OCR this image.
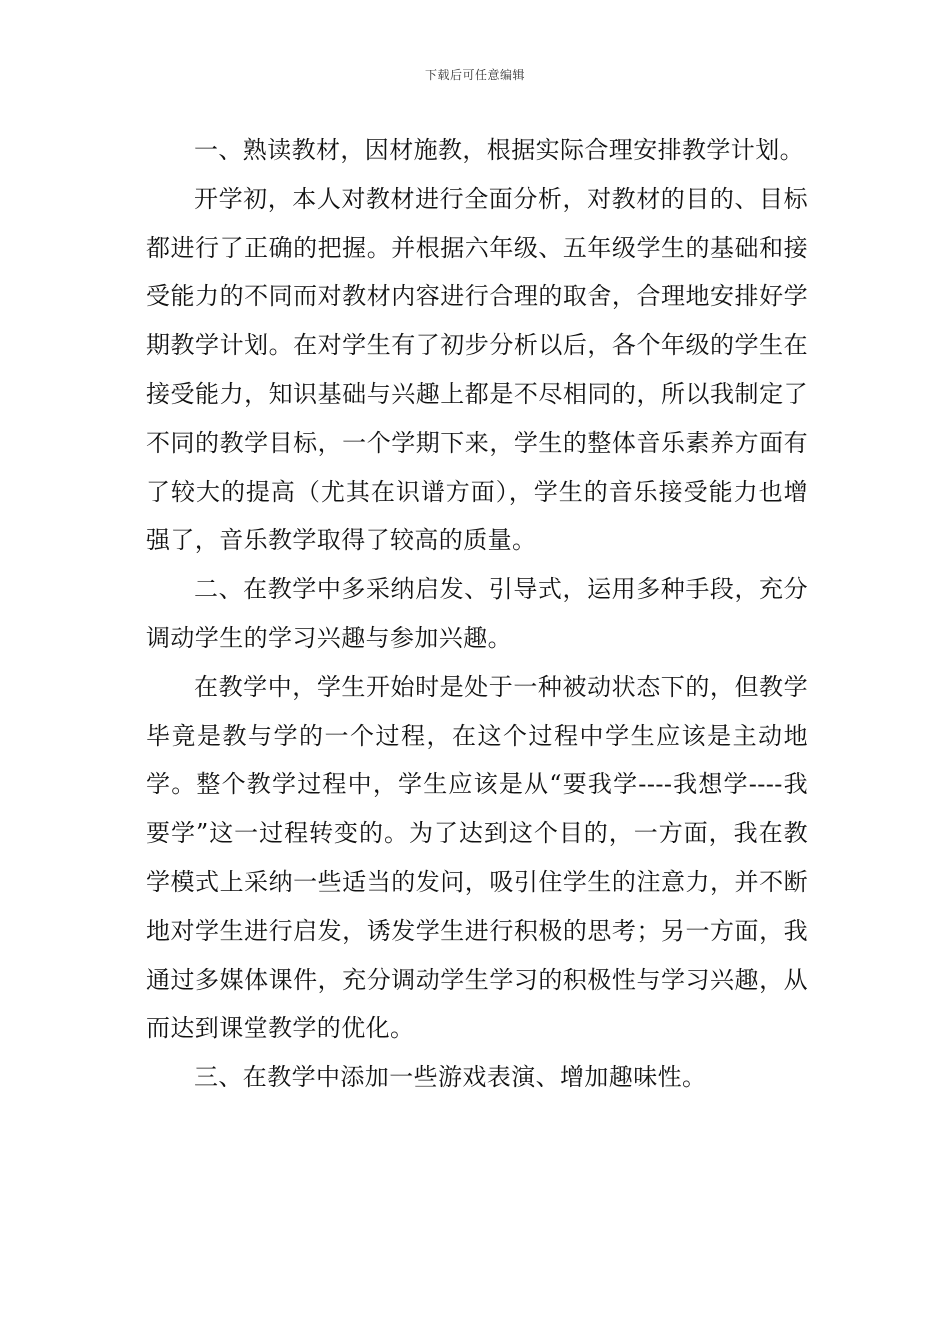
下载后可任意编辑

一、熟读教材，因材施教，根据实际合理安排教学计划。

开学初，本人对教材进行全面分析，对教材的目的、目标都进行了正确的把握。并根据六年级、五年级学生的基础和接受能力的不同而对教材内容进行合理的取舍，合理地安排好学期教学计划。在对学生有了初步分析以后，各个年级的学生在接受能力，知识基础与兴趣上都是不尽相同的，所以我制定了不同的教学目标，一个学期下来，学生的整体音乐素养方面有了较大的提高（尤其在识谱方面），学生的音乐接受能力也增强了，音乐教学取得了较高的质量。

二、在教学中多采纳启发、引导式，运用多种手段，充分调动学生的学习兴趣与参加兴趣。

在教学中，学生开始时是处于一种被动状态下的，但教学毕竟是教与学的一个过程，在这个过程中学生应该是主动地学。整个教学过程中，学生应该是从“要我学----我想学----我要学”这一过程转变的。为了达到这个目的，一方面，我在教学模式上采纳一些适当的发问，吸引住学生的注意力，并不断地对学生进行启发，诱发学生进行积极的思考；另一方面，我通过多媒体课件，充分调动学生学习的积极性与学习兴趣，从而达到课堂教学的优化。

三、在教学中添加一些游戏表演、增加趣味性。
